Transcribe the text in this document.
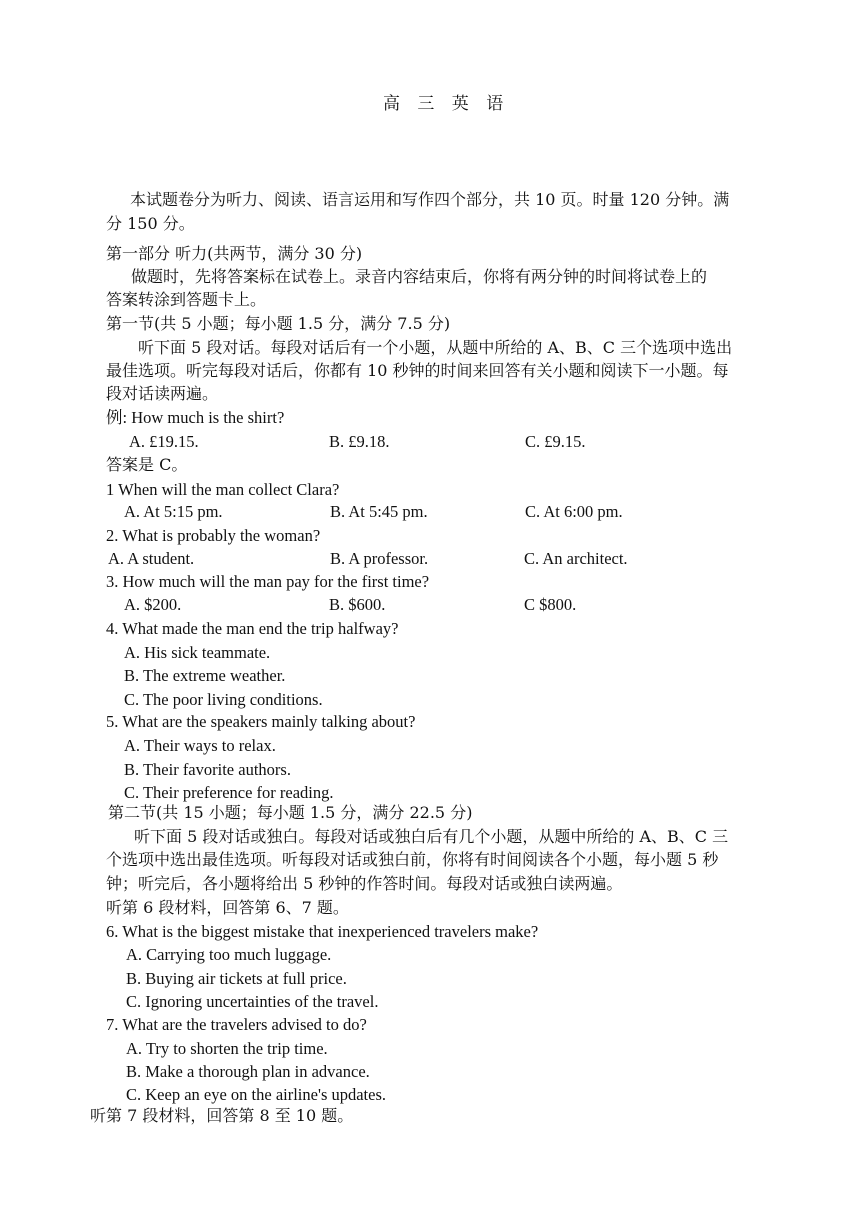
高 三 英 语
本试题卷分为听力、阅读、语言运用和写作四个部分，共 10 页。时量 120 分钟。满
分 150 分。
第一部分 听力(共两节，满分 30 分)
做题时，先将答案标在试卷上。录音内容结束后，你将有两分钟的时间将试卷上的
答案转涂到答题卡上。
第一节(共 5 小题；每小题 1.5 分，满分 7.5 分)
听下面 5 段对话。每段对话后有一个小题，从题中所给的 A、B、C 三个选项中选出
最佳选项。听完每段对话后，你都有 10 秒钟的时间来回答有关小题和阅读下一小题。每
段对话读两遍。
例: How much is the shirt?
A. £19.15.	B. £9.18.	C. £9.15.
答案是 C。
1 When will the man collect Clara?
A. At 5:15 pm.	B. At 5:45 pm.	C. At 6:00 pm.
2. What is probably the woman?
A. A student.	B. A professor.	C. An architect.
3. How much will the man pay for the first time?
A. $200.	B. $600.	C $800.
4. What made the man end the trip halfway?
A. His sick teammate.
B. The extreme weather.
C. The poor living conditions.
5. What are the speakers mainly talking about?
A. Their ways to relax.
B. Their favorite authors.
C. Their preference for reading.
第二节(共 15 小题；每小题 1.5 分，满分 22.5 分)
听下面 5 段对话或独白。每段对话或独白后有几个小题，从题中所给的 A、B、C 三
个选项中选出最佳选项。听每段对话或独白前，你将有时间阅读各个小题，每小题 5 秒
钟；听完后，各小题将给出 5 秒钟的作答时间。每段对话或独白读两遍。
听第 6 段材料，回答第 6、7 题。
6. What is the biggest mistake that inexperienced travelers make?
A. Carrying too much luggage.
B. Buying air tickets at full price.
C. Ignoring uncertainties of the travel.
7. What are the travelers advised to do?
A. Try to shorten the trip time.
B. Make a thorough plan in advance.
C. Keep an eye on the airline's updates.
听第 7 段材料，回答第 8 至 10 题。
